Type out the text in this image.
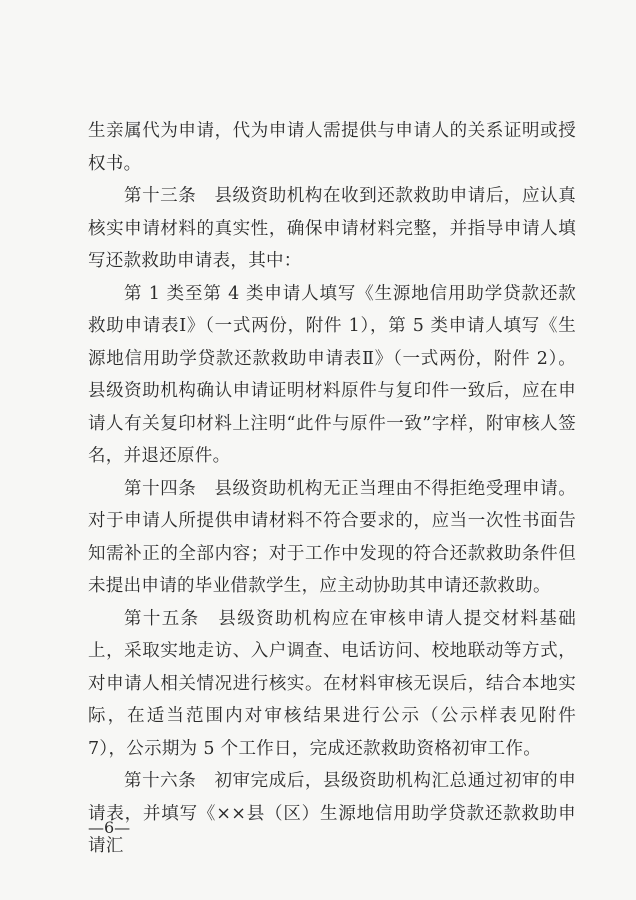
生亲属代为申请，代为申请人需提供与申请人的关系证明或授权书。

第十三条　县级资助机构在收到还款救助申请后，应认真核实申请材料的真实性，确保申请材料完整，并指导申请人填写还款救助申请表，其中：

第 1 类至第 4 类申请人填写《生源地信用助学贷款还款救助申请表Ⅰ》（一式两份，附件 1），第 5 类申请人填写《生源地信用助学贷款还款救助申请表Ⅱ》（一式两份，附件 2）。县级资助机构确认申请证明材料原件与复印件一致后，应在申请人有关复印材料上注明“此件与原件一致”字样，附审核人签名，并退还原件。

第十四条　县级资助机构无正当理由不得拒绝受理申请。对于申请人所提供申请材料不符合要求的，应当一次性书面告知需补正的全部内容；对于工作中发现的符合还款救助条件但未提出申请的毕业借款学生，应主动协助其申请还款救助。

第十五条　县级资助机构应在审核申请人提交材料基础上，采取实地走访、入户调查、电话访问、校地联动等方式，对申请人相关情况进行核实。在材料审核无误后，结合本地实际，在适当范围内对审核结果进行公示（公示样表见附件 7），公示期为 5 个工作日，完成还款救助资格初审工作。

第十六条　初审完成后，县级资助机构汇总通过初审的申请表，并填写《××县（区）生源地信用助学贷款还款救助申请汇

—6—
